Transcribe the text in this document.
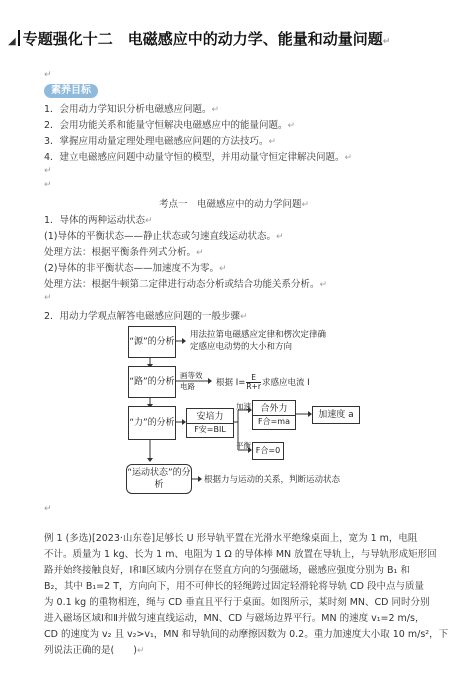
◢ 专题强化十二　电磁感应中的动力学、能量和动量问题↵
↵
素养目标
1．会用动力学知识分析电磁感应问题。↵
2．会用功能关系和能量守恒解决电磁感应中的能量问题。↵
3．掌握应用动量定理处理电磁感应问题的方法技巧。↵
4．建立电磁感应问题中动量守恒的模型，并用动量守恒定律解决问题。↵
↵
↵
考点一　电磁感应中的动力学问题↵
1．导体的两种运动状态↵
(1)导体的平衡状态——静止状态或匀速直线运动状态。↵
处理方法：根据平衡条件列式分析。↵
(2)导体的非平衡状态——加速度不为零。↵
处理方法：根据牛顿第二定律进行动态分析或结合功能关系分析。↵
↵
2．用动力学观点解答电磁感应问题的一般步骤↵
“源”的分析
用法拉第电磁感应定律和楞次定律确
定感应电动势的大小和方向
“路”的分析
画等效
电路	根据 $I= \frac{E}{R+r}$ 求感应电流 I
“力”的分析
安培力
F安=BIL
加速 合外力
F合=ma
加速度 a
平衡
F合=0
“运动状态”的分析	根据力与运动的关系，判断运动状态
↵
例 1 (多选)[2023·山东卷]足够长 U 形导轨平置在光滑水平绝缘桌面上，宽为 1 m，电阻
不计。质量为 1 kg、长为 1 m、电阻为 1 Ω 的导体棒 MN 放置在导轨上，与导轨形成矩形回
路并始终接触良好，Ⅰ和Ⅱ区域内分别存在竖直方向的匀强磁场，磁感应强度分别为 B₁ 和
B₂，其中 B₁=2 T，方向向下，用不可伸长的轻绳跨过固定轻滑轮将导轨 CD 段中点与质量
为 0.1 kg 的重物相连，绳与 CD 垂直且平行于桌面。如图所示，某时刻 MN、CD 同时分别
进入磁场区域Ⅰ和Ⅱ并做匀速直线运动，MN、CD 与磁场边界平行。MN 的速度 v₁=2 m/s，
CD 的速度为 v₂ 且 v₂>v₁，MN 和导轨间的动摩擦因数为 0.2。重力加速度大小取 10 m/s²，下
列说法正确的是(　　)↵
